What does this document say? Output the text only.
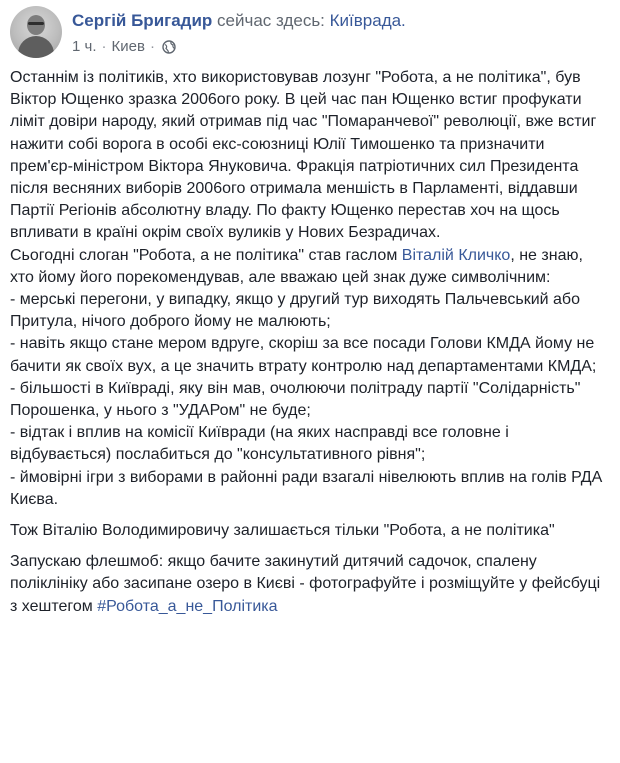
Сергій Бригадир сейчас здесь: Київрада.
1 ч. · Киев ·

Останнім із політиків, хто використовував лозунг "Робота, а не політика", був Віктор Ющенко зразка 2006ого року. В цей час пан Ющенко встиг профукати ліміт довіри народу, який отримав під час "Помаранчевої" революції, вже встиг нажити собі ворога в особі екс-союзниці Юлії Тимошенко та призначити прем'єр-міністром Віктора Януковича. Фракція патріотичних сил Президента після весняних виборів 2006ого отримала меншість в Парламенті, віддавши Партії Регіонів абсолютну владу. По факту Ющенко перестав хоч на щось впливати в країні окрім своїх вуликів у Нових Безрадичах.

Сьогодні слоган "Робота, а не політика" став гаслом Віталій Кличко, не знаю, хто йому його порекомендував, але вважаю цей знак дуже символічним:

- мерські перегони, у випадку, якщо у другий тур виходять Пальчевський або Притула, нічого доброго йому не малюють;

- навіть якщо стане мером вдруге, скоріш за все посади Голови КМДА йому не бачити як своїх вух, а це значить втрату контролю над департаментами КМДА;

- більшості в Київраді, яку він мав, очолюючи політраду партії "Солідарність" Порошенка, у нього з "УДАРом" не буде;

- відтак і вплив на комісії Київради (на яких насправді все головне і відбувається) послабиться до "консультативного рівня";

- ймовірні ігри з виборами в районні ради взагалі нівелюють вплив на голів РДА Києва.

Тож Віталію Володимировичу залишається тільки "Робота, а не політика"

Запускаю флешмоб: якщо бачите закинутий дитячий садочок, спалену поліклініку або засипане озеро в Києві - фотографуйте і розміщуйте у фейсбуці з хештегом #Робота_а_не_Політика
